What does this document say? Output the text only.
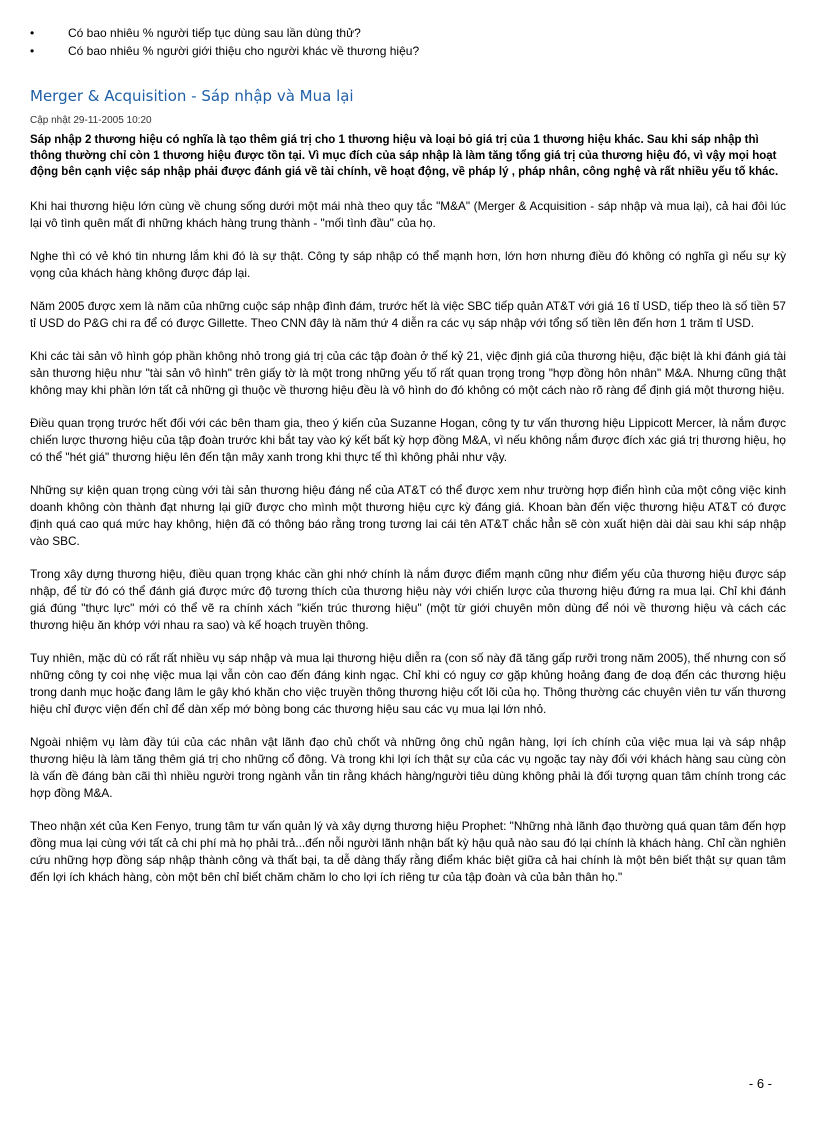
•	Có bao nhiêu % người tiếp tục dùng sau lần dùng thử?
•	Có bao nhiêu % người giới thiệu cho người khác về thương hiệu?
Merger & Acquisition - Sáp nhập và Mua lại
Cập nhật 29-11-2005 10:20
Sáp nhập 2 thương hiệu có nghĩa là tạo thêm giá trị cho 1 thương hiệu và loại bỏ giá trị của 1 thương hiệu khác. Sau khi sáp nhập thì thông thường chỉ còn 1 thương hiệu được tồn tại. Vì mục đích của sáp nhập là làm tăng tổng giá trị của thương hiệu đó, vì vậy mọi hoạt động bên cạnh việc sáp nhập phải được đánh giá về tài chính, về hoạt động, về pháp lý , pháp nhân, công nghệ và rất nhiều yếu tố khác.

Khi hai thương hiệu lớn cùng về chung sống dưới một mái nhà theo quy tắc "M&A" (Merger & Acquisition - sáp nhập và mua lại), cả hai đôi lúc lại vô tình quên mất đi những khách hàng trung thành - "mối tình đầu" của họ.

Nghe thì có vẻ khó tin nhưng lắm khi đó là sự thật. Công ty sáp nhập có thể mạnh hơn, lớn hơn nhưng điều đó không có nghĩa gì nếu sự kỳ vọng của khách hàng không được đáp lại.

Năm 2005 được xem là năm của những cuộc sáp nhập đình đám, trước hết là việc SBC tiếp quản AT&T với giá 16 tỉ USD, tiếp theo là số tiền 57 tỉ USD do P&G chi ra để có được Gillette. Theo CNN đây là năm thứ 4 diễn ra các vụ sáp nhập với tổng số tiền lên đến hơn 1 trăm tỉ USD.

Khi các tài sản vô hình góp phần không nhỏ trong giá trị của các tập đoàn ở thế kỷ 21, việc định giá của thương hiệu, đặc biệt là khi đánh giá tài sản thương hiệu như "tài sản vô hình" trên giấy tờ là một trong những yếu tố rất quan trọng trong "hợp đồng hôn nhân" M&A. Nhưng cũng thật không may khi phần lớn tất cả những gì thuộc về thương hiệu đều là vô hình do đó không có một cách nào rõ ràng để định giá một thương hiệu.

Điều quan trọng trước hết đối với các bên tham gia, theo ý kiến của Suzanne Hogan, công ty tư vấn thương hiệu Lippicott Mercer, là nắm được chiến lược thương hiệu của tập đoàn trước khi bắt tay vào ký kết bất kỳ hợp đồng M&A, vì nếu không nắm được đích xác giá trị thương hiệu, họ có thể "hét giá" thương hiệu lên đến tận mây xanh trong khi thực tế thì không phải như vậy.

Những sự kiện quan trọng cùng với tài sản thương hiệu đáng nể của AT&T có thể được xem như trường hợp điển hình của một công việc kinh doanh không còn thành đạt nhưng lại giữ được cho mình một thương hiệu cực kỳ đáng giá. Khoan bàn đến việc thương hiệu AT&T có được định quá cao quá mức hay không, hiện đã có thông báo rằng trong tương lai cái tên AT&T chắc hẳn sẽ còn xuất hiện dài dài sau khi sáp nhập vào SBC.

Trong xây dựng thương hiệu, điều quan trọng khác cần ghi nhớ chính là nắm được điểm mạnh cũng như điểm yếu của thương hiệu được sáp nhập, để từ đó có thể đánh giá được mức độ tương thích của thương hiệu này với chiến lược của thương hiệu đứng ra mua lại. Chỉ khi đánh giá đúng "thực lực" mới có thể vẽ ra chính xách "kiến trúc thương hiệu" (một từ giới chuyên môn dùng để nói về thương hiệu và cách các thương hiệu ăn khớp với nhau ra sao) và kế hoạch truyền thông.

Tuy nhiên, mặc dù có rất rất nhiều vụ sáp nhập và mua lại thương hiệu diễn ra (con số này đã tăng gấp rưỡi trong năm 2005), thế nhưng con số những công ty coi nhẹ việc mua lại vẫn còn cao đến đáng kinh ngạc. Chỉ khi có nguy cơ gặp khủng hoảng đang đe doạ đến các thương hiệu trong danh mục hoặc đang lâm le gây khó khăn cho việc truyền thông thương hiệu cốt lõi của họ. Thông thường các chuyên viên tư vấn thương hiệu chỉ được viện đến chỉ để dàn xếp mớ bòng bong các thương hiệu sau các vụ mua lại lớn nhỏ.

Ngoài nhiệm vụ làm đầy túi của các nhân vật lãnh đạo chủ chốt và những ông chủ ngân hàng, lợi ích chính của việc mua lại và sáp nhập thương hiệu là làm tăng thêm giá trị cho những cổ đông. Và trong khi lợi ích thật sự của các vụ ngoặc tay này đối với khách hàng sau cùng còn là vấn đề đáng bàn cãi thì nhiều người trong ngành vẫn tin rằng khách hàng/người tiêu dùng không phải là đối tượng quan tâm chính trong các hợp đồng M&A.

Theo nhận xét của Ken Fenyo, trung tâm tư vấn quản lý và xây dựng thương hiệu Prophet: "Những nhà lãnh đạo thường quá quan tâm đến hợp đồng mua lại cùng với tất cả chi phí mà họ phải trả...đến nỗi người lãnh nhận bất kỳ hậu quả nào sau đó lại chính là khách hàng. Chỉ cần nghiên cứu những hợp đồng sáp nhập thành công và thất bại, ta dễ dàng thấy rằng điểm khác biệt giữa cả hai chính là một bên biết thật sự quan tâm đến lợi ích khách hàng, còn một bên chỉ biết chăm chăm lo cho lợi ích riêng tư của tập đoàn và của bản thân họ."

- 6 -
